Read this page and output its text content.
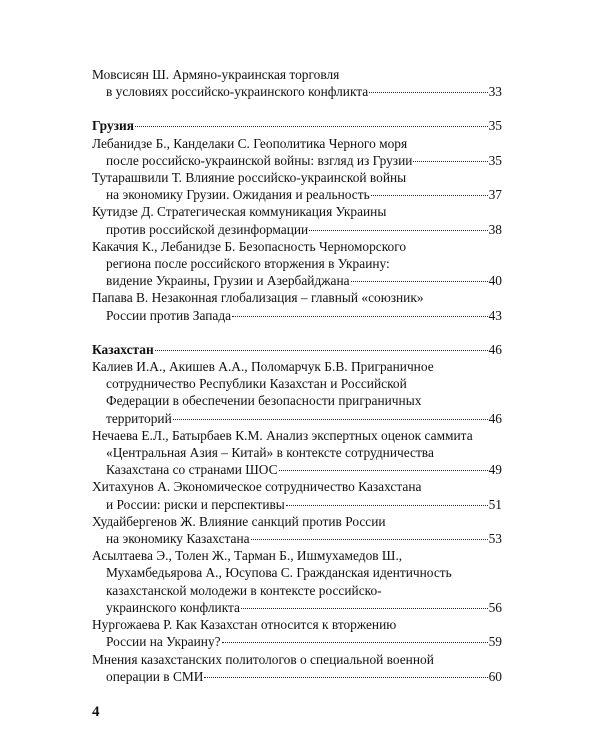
Мовсисян Ш. Армяно-украинская торговля
в условиях российско-украинского конфликта	33
Грузия	35
Лебанидзе Б., Канделаки С. Геополитика Черного моря
после российско-украинской войны: взгляд из Грузии	35
Тутарашвили Т. Влияние российско-украинской войны
на экономику Грузии. Ожидания и реальность	37
Кутидзе Д. Стратегическая коммуникация Украины
против российской дезинформации	38
Какачия К., Лебанидзе Б. Безопасность Черноморского
региона после российского вторжения в Украину:
видение Украины, Грузии и Азербайджана	40
Папава В. Незаконная глобализация – главный «союзник»
России против Запада	43
Казахстан	46
Калиев И.А., Акишев А.А., Поломарчук Б.В. Приграничное
сотрудничество Республики Казахстан и Российской
Федерации в обеспечении безопасности приграничных
территорий	46
Нечаева Е.Л., Батырбаев К.М. Анализ экспертных оценок саммита
«Центральная Азия – Китай» в контексте сотрудничества
Казахстана со странами ШОС	49
Хитахунов А. Экономическое сотрудничество Казахстана
и России: риски и перспективы	51
Худайбергенов Ж. Влияние санкций против России
на экономику Казахстана	53
Асылтаева Э., Толен Ж., Тарман Б., Ишмухамедов Ш.,
Мухамбедьярова А., Юсупова С. Гражданская идентичность
казахстанской молодежи в контексте российско-
украинского конфликта	56
Нургожаева Р. Как Казахстан относится к вторжению
России на Украину?	59
Мнения казахстанских политологов о специальной военной
операции в СМИ	60
4
